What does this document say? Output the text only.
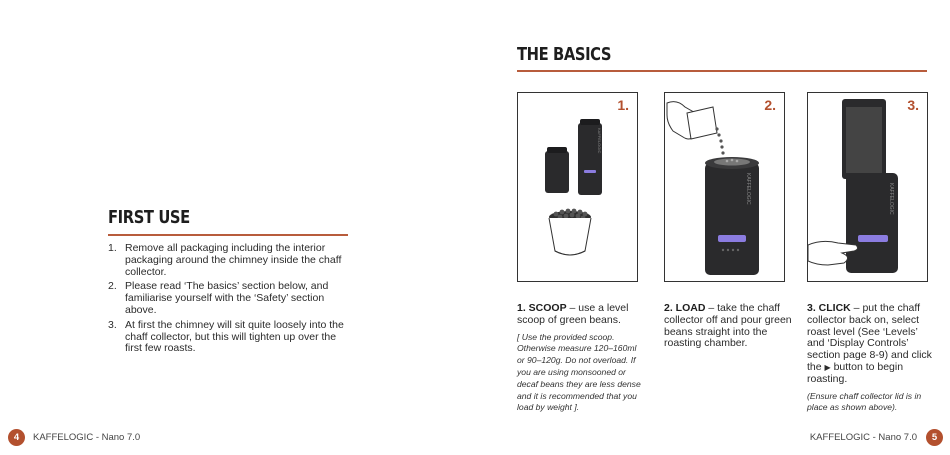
FIRST USE
1. Remove all packaging including the interior packaging around the chimney inside the chaff collector.
2. Please read ‘The basics’ section below, and familiarise yourself with the ‘Safety’ section above.
3. At first the chimney will sit quite loosely into the chaff collector, but this will tighten up over the first few roasts.
THE BASICS
1.
KAFFELOGIC
2.
KAFFELOGIC
3.
KAFFELOGIC
1. SCOOP – use a level scoop of green beans.
[ Use the provided scoop. Otherwise measure 120–160ml or 90–120g. Do not overload. If you are using monsooned or decaf beans they are less dense and it is recommended that you load by weight ].
2. LOAD – take the chaff collector off and pour green beans straight into the roasting chamber.
3. CLICK – put the chaff collector back on, select roast level (See ‘Levels’ and ‘Display Controls’ section page 8-9) and click the ▶ button to begin roasting.
(Ensure chaff collector lid is in place as shown above).
4	KAFFELOGIC - Nano 7.0	KAFFELOGIC - Nano 7.0	5
